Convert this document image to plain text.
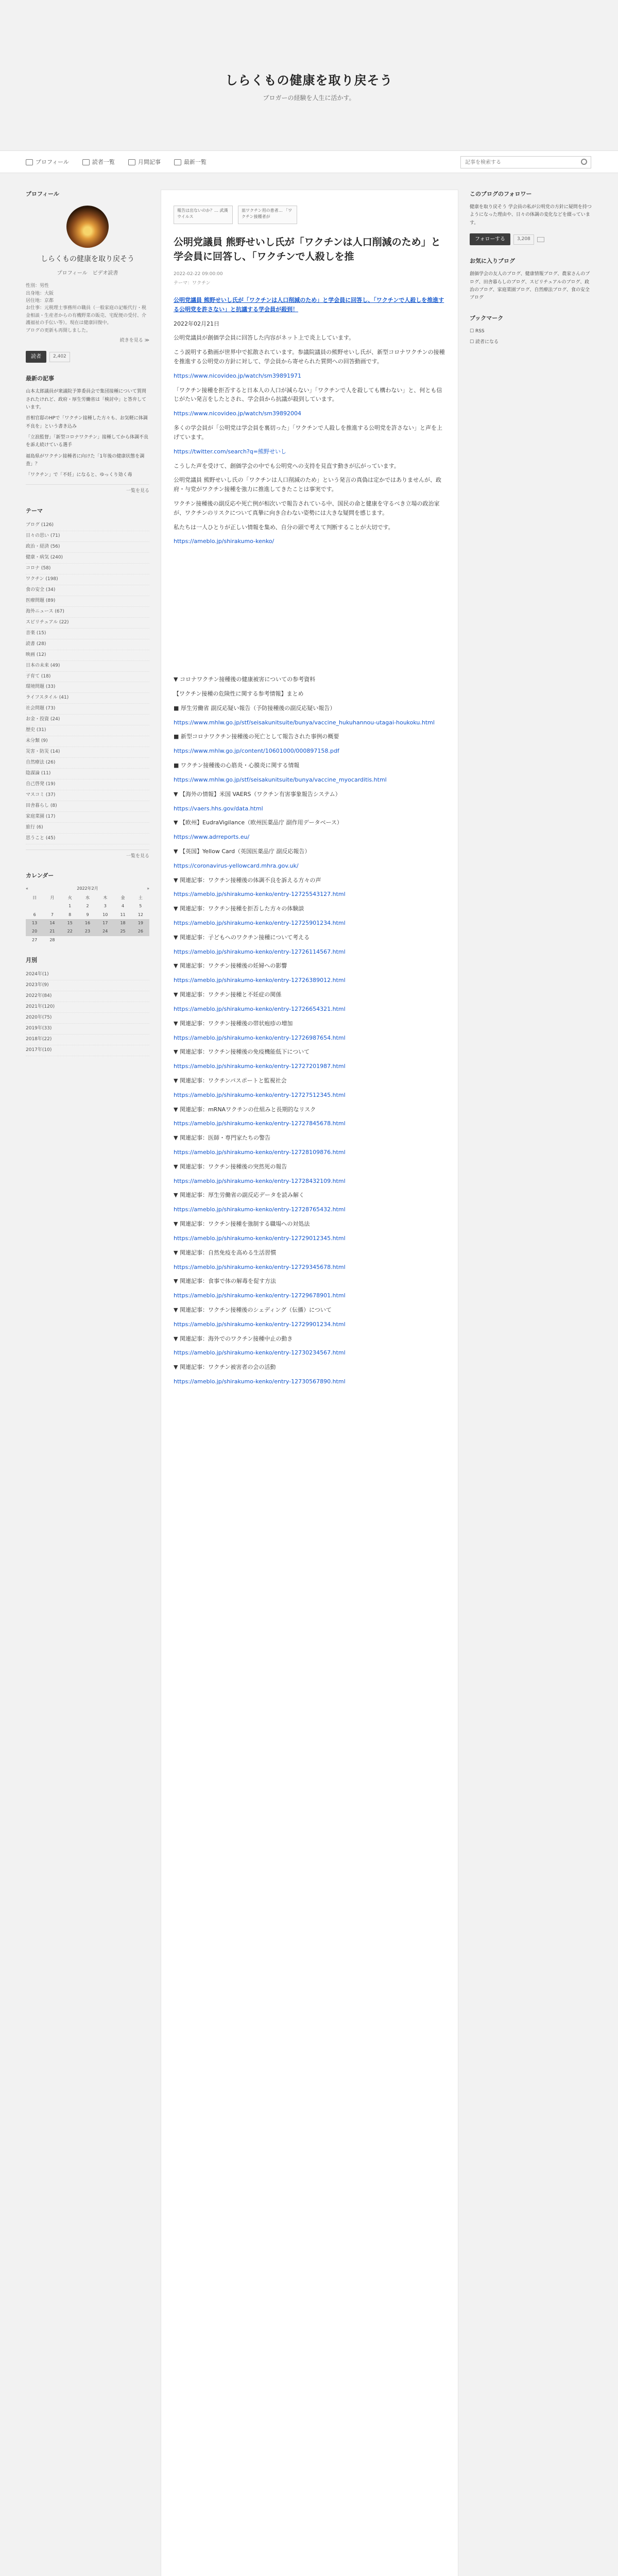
しらくもの健康を取り戻そう
ブロガーの経験を人生に活かす。
プロフィール	読者一覧	月間記事	最新一覧
記事を検索する
プロフィール
しらくもの健康を取り戻そう
プロフィール　ビデオ読書
性別：男性
出身地：大阪
居住地：京都
お仕事：元税理士事務所の職員（一般家庭の記帳代行・税金相談・生産者からの有機野菜の販売、宅配便の受付、介護福祉の手伝い等）。現在は健康回復中。
ブログの更新も再開しました。
続きを見る ≫
読者	2,402
最新の記事
山本太郎議員が衆議院予算委員会で集団接種について質問されたけれど、政府・厚生労働省は「検討中」と答弁しています。
首相官邸のHPで「ワクチン接種した方々も、お気軽に体調不良を」という書き込み
「立浪監督」「新型コロナワクチン」接種してから体調不良を訴え続けている選手
福島県がワクチン接種者に向けた「1年後の健康状態を調査」？
「ワクチン」で「不妊」になると、ゆっくり効く毒
一覧を見る
テーマ
ブログ (126)
日々の思い (71)
政治・経済 (56)
健康・病気 (240)
コロナ (58)
ワクチン (198)
食の安全 (34)
医療問題 (89)
海外ニュース (67)
スピリチュアル (22)
音楽 (15)
読書 (28)
映画 (12)
日本の未来 (49)
子育て (18)
環境問題 (33)
ライフスタイル (41)
社会問題 (73)
お金・投資 (24)
歴史 (31)
未分類 (9)
災害・防災 (14)
自然療法 (26)
陰謀論 (11)
自己啓発 (19)
マスコミ (37)
田舎暮らし (8)
家庭菜園 (17)
旅行 (6)
思うこと (45)
一覧を見る
カレンダー
«	2022年2月	»
日	月	火	水	木	金	土
		1	2	3	4	5
6	7	8	9	10	11	12
13	14	15	16	17	18	19
20	21	22	23	24	25	26
27	28					
月別
2024年(1)
2023年(9)
2022年(84)
2021年(120)
2020年(75)
2019年(33)
2018年(22)
2017年(10)
報告は出ないのか？… 武漢ウイルス
皿ワクチン用の患者… 「ワクチン接種者が
公明党議員 熊野せいし氏が「ワクチンは人口削減のため」と学会員に回答し、「ワクチンで人殺しを推
2022-02-22 09:00:00
テーマ：ワクチン

公明党議員 熊野せいし氏が「ワクチンは人口削減のため」と学会員に回答し、「ワクチンで人殺しを推進する公明党を許さない」と抗議する学会員が殺到！

2022年02月21日

公明党議員が創価学会員に回答した内容がネット上で炎上しています。

こう説明する動画が世界中で拡散されています。参議院議員の熊野せいし氏が、新型コロナワクチンの接種を推進する公明党の方針に対して、学会員から寄せられた質問への回答動画です。

https://www.nicovideo.jp/watch/sm39891971

「ワクチン接種を拒否すると日本人の人口が減らない」「ワクチンで人を殺しても構わない」と、何とも信じがたい発言をしたとされ、学会員から抗議が殺到しています。

https://www.nicovideo.jp/watch/sm39892004

多くの学会員が「公明党は学会員を裏切った」「ワクチンで人殺しを推進する公明党を許さない」と声を上げています。

https://twitter.com/search?q=熊野せいし

こうした声を受けて、創価学会の中でも公明党への支持を見直す動きが広がっています。

公明党議員 熊野せいし氏の「ワクチンは人口削減のため」という発言の真偽は定かではありませんが、政府・与党がワクチン接種を強力に推進してきたことは事実です。

ワクチン接種後の副反応や死亡例が相次いで報告されている中、国民の命と健康を守るべき立場の政治家が、ワクチンのリスクについて真摯に向き合わない姿勢には大きな疑問を感じます。

私たちは一人ひとりが正しい情報を集め、自分の頭で考えて判断することが大切です。

https://ameblo.jp/shirakumo-kenko/

▼ コロナワクチン接種後の健康被害についての参考資料

【ワクチン接種の危険性に関する参考情報】まとめ

■ 厚生労働省 副反応疑い報告（予防接種後の副反応疑い報告）

https://www.mhlw.go.jp/stf/seisakunitsuite/bunya/vaccine_hukuhannou-utagai-houkoku.html

■ 新型コロナワクチン接種後の死亡として報告された事例の概要

https://www.mhlw.go.jp/content/10601000/000897158.pdf

■ ワクチン接種後の心筋炎・心膜炎に関する情報

https://www.mhlw.go.jp/stf/seisakunitsuite/bunya/vaccine_myocarditis.html

▼ 【海外の情報】米国 VAERS（ワクチン有害事象報告システム）

https://vaers.hhs.gov/data.html

▼ 【欧州】EudraVigilance（欧州医薬品庁 副作用データベース）

https://www.adrreports.eu/

▼ 【英国】Yellow Card（英国医薬品庁 副反応報告）

https://coronavirus-yellowcard.mhra.gov.uk/

▼ 関連記事：ワクチン接種後の体調不良を訴える方々の声

https://ameblo.jp/shirakumo-kenko/entry-12725543127.html

▼ 関連記事：ワクチン接種を拒否した方々の体験談

https://ameblo.jp/shirakumo-kenko/entry-12725901234.html

▼ 関連記事：子どもへのワクチン接種について考える

https://ameblo.jp/shirakumo-kenko/entry-12726114567.html

▼ 関連記事：ワクチン接種後の妊婦への影響

https://ameblo.jp/shirakumo-kenko/entry-12726389012.html

▼ 関連記事：ワクチン接種と不妊症の関係

https://ameblo.jp/shirakumo-kenko/entry-12726654321.html

▼ 関連記事：ワクチン接種後の帯状疱疹の増加

https://ameblo.jp/shirakumo-kenko/entry-12726987654.html

▼ 関連記事：ワクチン接種後の免疫機能低下について

https://ameblo.jp/shirakumo-kenko/entry-12727201987.html

▼ 関連記事：ワクチンパスポートと監視社会

https://ameblo.jp/shirakumo-kenko/entry-12727512345.html

▼ 関連記事：mRNAワクチンの仕組みと長期的なリスク

https://ameblo.jp/shirakumo-kenko/entry-12727845678.html

▼ 関連記事：医師・専門家たちの警告

https://ameblo.jp/shirakumo-kenko/entry-12728109876.html

▼ 関連記事：ワクチン接種後の突然死の報告

https://ameblo.jp/shirakumo-kenko/entry-12728432109.html

▼ 関連記事：厚生労働省の副反応データを読み解く

https://ameblo.jp/shirakumo-kenko/entry-12728765432.html

▼ 関連記事：ワクチン接種を強制する職場への対処法

https://ameblo.jp/shirakumo-kenko/entry-12729012345.html

▼ 関連記事：自然免疫を高める生活習慣

https://ameblo.jp/shirakumo-kenko/entry-12729345678.html

▼ 関連記事：食事で体の解毒を促す方法

https://ameblo.jp/shirakumo-kenko/entry-12729678901.html

▼ 関連記事：ワクチン接種後のシェディング（伝播）について

https://ameblo.jp/shirakumo-kenko/entry-12729901234.html

▼ 関連記事：海外でのワクチン接種中止の動き

https://ameblo.jp/shirakumo-kenko/entry-12730234567.html

▼ 関連記事：ワクチン被害者の会の活動

https://ameblo.jp/shirakumo-kenko/entry-12730567890.html

このブログのフォロワー
健康を取り戻そう 学会員の私が公明党の方針に疑問を持つようになった理由や、日々の体調の変化などを綴っています。
フォローする	3,208
お気に入りブログ
創価学会の友人のブログ、健康情報ブログ、農家さんのブログ、田舎暮らしのブログ、スピリチュアルのブログ、政治のブログ、家庭菜園ブログ、自然療法ブログ、食の安全ブログ
ブックマーク
☐ RSS
☐ 読者になる
